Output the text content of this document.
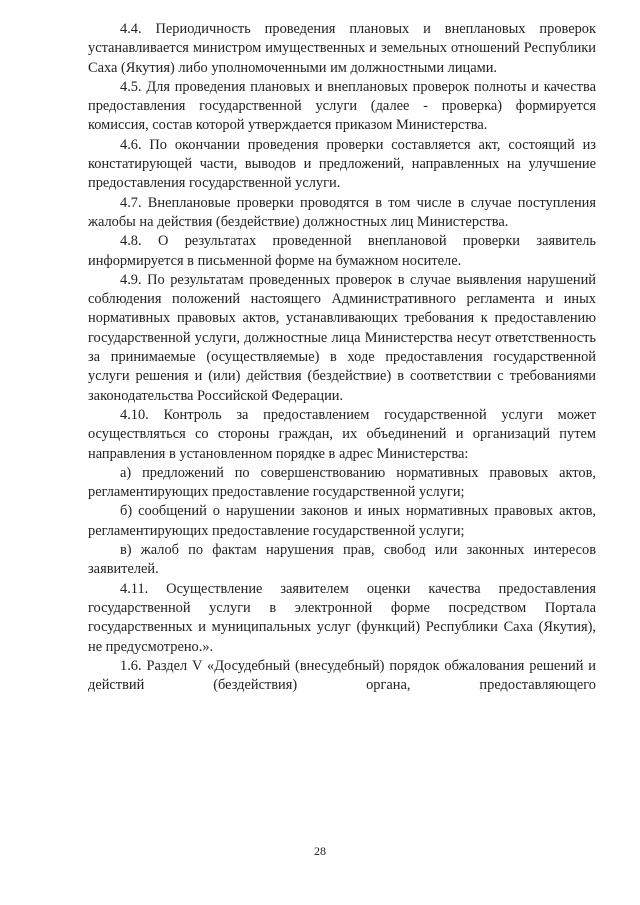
4.4. Периодичность проведения плановых и внеплановых проверок устанавливается министром имущественных и земельных отношений Республики Саха (Якутия) либо уполномоченными им должностными лицами.

4.5. Для проведения плановых и внеплановых проверок полноты и качества предоставления государственной услуги (далее - проверка) формируется комиссия, состав которой утверждается приказом Министерства.

4.6. По окончании проведения проверки составляется акт, состоящий из констатирующей части, выводов и предложений, направленных на улучшение предоставления государственной услуги.

4.7. Внеплановые проверки проводятся в том числе в случае поступления жалобы на действия (бездействие) должностных лиц Министерства.

4.8. О результатах проведенной внеплановой проверки заявитель информируется в письменной форме на бумажном носителе.

4.9. По результатам проведенных проверок в случае выявления нарушений соблюдения положений настоящего Административного регламента и иных нормативных правовых актов, устанавливающих требования к предоставлению государственной услуги, должностные лица Министерства несут ответственность за принимаемые (осуществляемые) в ходе предоставления государственной услуги решения и (или) действия (бездействие) в соответствии с требованиями законодательства Российской Федерации.

4.10. Контроль за предоставлением государственной услуги может осуществляться со стороны граждан, их объединений и организаций путем направления в установленном порядке в адрес Министерства:

а) предложений по совершенствованию нормативных правовых актов, регламентирующих предоставление государственной услуги;

б) сообщений о нарушении законов и иных нормативных правовых актов, регламентирующих предоставление государственной услуги;

в) жалоб по фактам нарушения прав, свобод или законных интересов заявителей.

4.11. Осуществление заявителем оценки качества предоставления государственной услуги в электронной форме посредством Портала государственных и муниципальных услуг (функций) Республики Саха (Якутия), не предусмотрено.».

1.6. Раздел V «Досудебный (внесудебный) порядок обжалования решений и действий (бездействия) органа, предоставляющего

28
